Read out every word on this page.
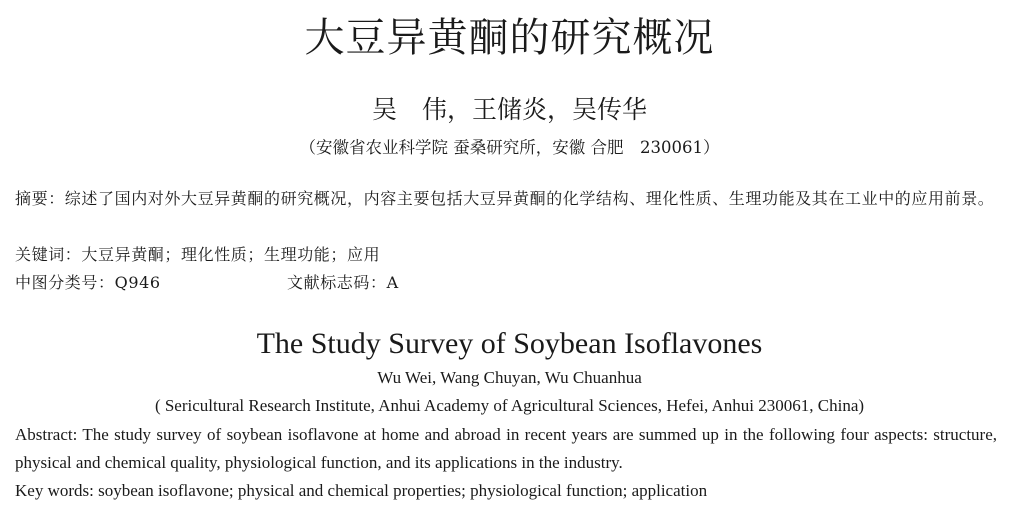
大豆异黄酮的研究概况
吴　伟，王储炎，吴传华
（安徽省农业科学院 蚕桑研究所，安徽 合肥　230061）
摘要：综述了国内对外大豆异黄酮的研究概况，内容主要包括大豆异黄酮的化学结构、理化性质、生理功能及其在工业中的应用前景。
关键词：大豆异黄酮；理化性质；生理功能；应用
中图分类号：Q946	文献标志码：A
The Study Survey of Soybean Isoflavones
Wu Wei, Wang Chuyan, Wu Chuanhua
( Sericultural Research Institute, Anhui Academy of Agricultural Sciences, Hefei, Anhui 230061, China)
Abstract: The study survey of soybean isoflavone at home and abroad in recent years are summed up in the following four aspects: structure, physical and chemical quality, physiological function, and its applications in the industry.
Key words: soybean isoflavone; physical and chemical properties; physiological function; application
